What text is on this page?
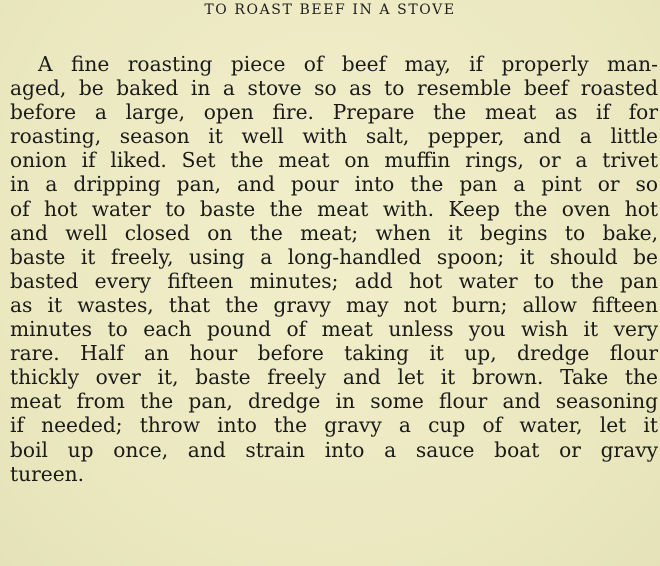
TO ROAST BEEF IN A STOVE
A fine roasting piece of beef may, if properly man-
aged, be baked in a stove so as to resemble beef roasted
before a large, open fire. Prepare the meat as if for
roasting, season it well with salt, pepper, and a little
onion if liked. Set the meat on muffin rings, or a trivet
in a dripping pan, and pour into the pan a pint or so
of hot water to baste the meat with. Keep the oven hot
and well closed on the meat; when it begins to bake,
baste it freely, using a long-handled spoon; it should be
basted every fifteen minutes; add hot water to the pan
as it wastes, that the gravy may not burn; allow fifteen
minutes to each pound of meat unless you wish it very
rare. Half an hour before taking it up, dredge flour
thickly over it, baste freely and let it brown. Take the
meat from the pan, dredge in some flour and seasoning
if needed; throw into the gravy a cup of water, let it
boil up once, and strain into a sauce boat or gravy
tureen.
